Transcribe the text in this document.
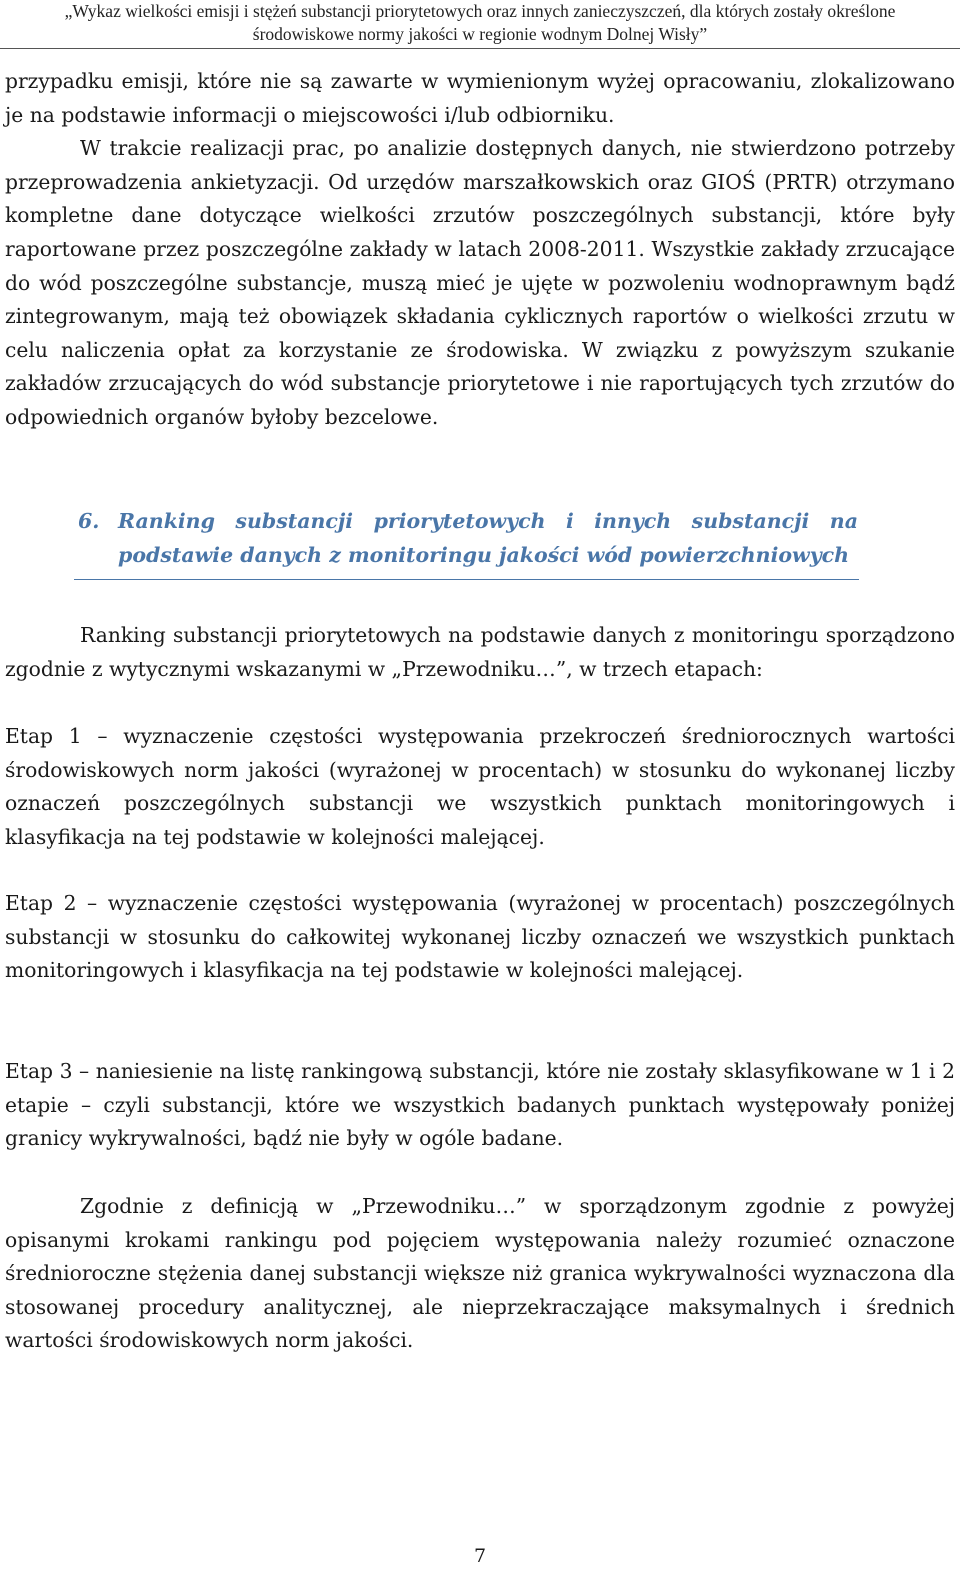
„Wykaz wielkości emisji i stężeń substancji priorytetowych oraz innych zanieczyszczeń, dla których zostały określone
środowiskowe normy jakości w regionie wodnym Dolnej Wisły”

przypadku emisji, które nie są zawarte w wymienionym wyżej opracowaniu, zlokalizowano je na podstawie informacji o miejscowości i/lub odbiorniku.

W trakcie realizacji prac, po analizie dostępnych danych, nie stwierdzono potrzeby przeprowadzenia ankietyzacji. Od urzędów marszałkowskich oraz GIOŚ (PRTR) otrzymano kompletne dane dotyczące wielkości zrzutów poszczególnych substancji, które były raportowane przez poszczególne zakłady w latach 2008-2011. Wszystkie zakłady zrzucające do wód poszczególne substancje, muszą mieć je ujęte w pozwoleniu wodnoprawnym bądź zintegrowanym, mają też obowiązek składania cyklicznych raportów o wielkości zrzutu w celu naliczenia opłat za korzystanie ze środowiska. W związku z powyższym szukanie zakładów zrzucających do wód substancje priorytetowe i nie raportujących tych zrzutów do odpowiednich organów byłoby bezcelowe.

6. Ranking substancji priorytetowych i innych substancji na
podstawie danych z monitoringu jakości wód powierzchniowych

Ranking substancji priorytetowych na podstawie danych z monitoringu sporządzono zgodnie z wytycznymi wskazanymi w „Przewodniku…”, w trzech etapach:

Etap 1 – wyznaczenie częstości występowania przekroczeń średniorocznych wartości środowiskowych norm jakości (wyrażonej w procentach) w stosunku do wykonanej liczby oznaczeń poszczególnych substancji we wszystkich punktach monitoringowych i klasyfikacja na tej podstawie w kolejności malejącej.

Etap 2 – wyznaczenie częstości występowania (wyrażonej w procentach) poszczególnych substancji w stosunku do całkowitej wykonanej liczby oznaczeń we wszystkich punktach monitoringowych i klasyfikacja na tej podstawie w kolejności malejącej.

Etap 3 – naniesienie na listę rankingową substancji, które nie zostały sklasyfikowane w 1 i 2 etapie – czyli substancji, które we wszystkich badanych punktach występowały poniżej granicy wykrywalności, bądź nie były w ogóle badane.

Zgodnie z definicją w „Przewodniku…” w sporządzonym zgodnie z powyżej opisanymi krokami rankingu pod pojęciem występowania należy rozumieć oznaczone średnioroczne stężenia danej substancji większe niż granica wykrywalności wyznaczona dla stosowanej procedury analitycznej, ale nieprzekraczające maksymalnych i średnich wartości środowiskowych norm jakości.

7
